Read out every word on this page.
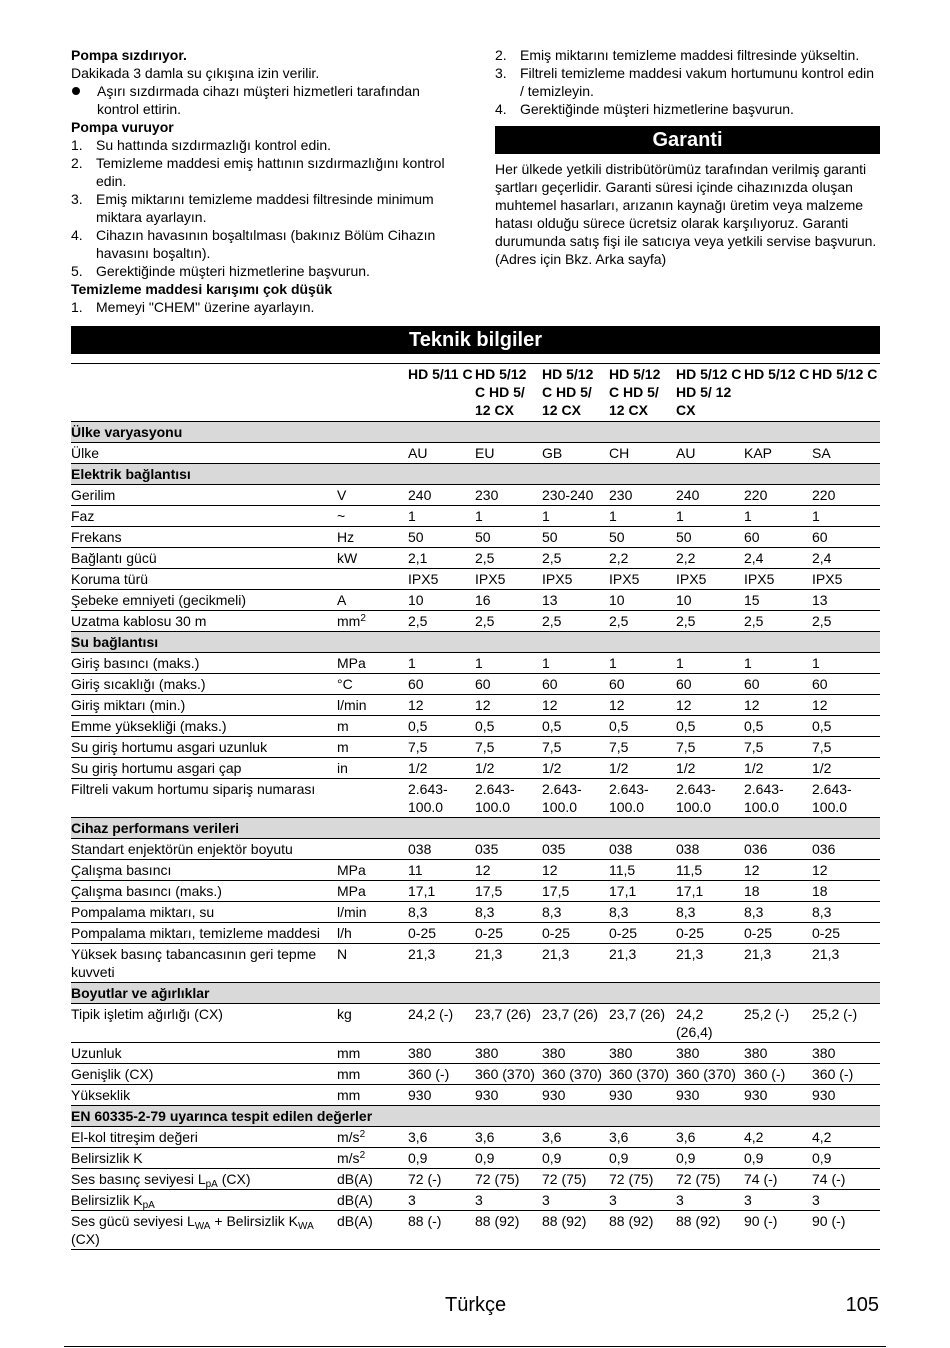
Pompa sızdırıyor.

Dakikada 3 damla su çıkışına izin verilir.

Aşırı sızdırmada cihazı müşteri hizmetleri tarafından kontrol ettirin.

Pompa vuruyor

1. Su hattında sızdırmazlığı kontrol edin.
2. Temizleme maddesi emiş hattının sızdırmazlığını kontrol edin.
3. Emiş miktarını temizleme maddesi filtresinde minimum miktara ayarlayın.
4. Cihazın havasının boşaltılması (bakınız Bölüm Cihazın havasını boşaltın).
5. Gerektiğinde müşteri hizmetlerine başvurun.

Temizleme maddesi karışımı çok düşük

1. Memeyi "CHEM" üzerine ayarlayın.
2. Emiş miktarını temizleme maddesi filtresinde yükseltin.
3. Filtreli temizleme maddesi vakum hortumunu kontrol edin / temizleyin.
4. Gerektiğinde müşteri hizmetlerine başvurun.
Garanti

Her ülkede yetkili distribütörümüz tarafından verilmiş garanti şartları geçerlidir. Garanti süresi içinde cihazınızda oluşan muhtemel hasarları, arızanın kaynağı üretim veya malzeme hatası olduğu sürece ücretsiz olarak karşılıyoruz. Garanti durumunda satış fişi ile satıcıya veya yetkili servise başvurun.

(Adres için Bkz. Arka sayfa)

Teknik bilgiler
		HD 5/11 C	HD 5/12 C HD 5/ 12 CX	HD 5/12 C HD 5/ 12 CX	HD 5/12 C HD 5/ 12 CX	HD 5/12 C HD 5/ 12 CX	HD 5/12 C	HD 5/12 C
Ülke varyasyonu								
Ülke		AU	EU	GB	CH	AU	KAP	SA
Elektrik bağlantısı								
Gerilim	V	240	230	230-240	230	240	220	220
Faz	~	1	1	1	1	1	1	1
Frekans	Hz	50	50	50	50	50	60	60
Bağlantı gücü	kW	2,1	2,5	2,5	2,2	2,2	2,4	2,4
Koruma türü		IPX5	IPX5	IPX5	IPX5	IPX5	IPX5	IPX5
Şebeke emniyeti (gecikmeli)	A	10	16	13	10	10	15	13
Uzatma kablosu 30 m	$mm^2$	2,5	2,5	2,5	2,5	2,5	2,5	2,5
Su bağlantısı								
Giriş basıncı (maks.)	MPa	1	1	1	1	1	1	1
Giriş sıcaklığı (maks.)	°C	60	60	60	60	60	60	60
Giriş miktarı (min.)	l/min	12	12	12	12	12	12	12
Emme yüksekliği (maks.)	m	0,5	0,5	0,5	0,5	0,5	0,5	0,5
Su giriş hortumu asgari uzunluk	m	7,5	7,5	7,5	7,5	7,5	7,5	7,5
Su giriş hortumu asgari çap	in	1/2	1/2	1/2	1/2	1/2	1/2	1/2
Filtreli vakum hortumu sipariş numarası		2.643-100.0	2.643-100.0	2.643-100.0	2.643-100.0	2.643-100.0	2.643-100.0	2.643-100.0
Cihaz performans verileri								
Standart enjektörün enjektör boyutu		038	035	035	038	038	036	036
Çalışma basıncı	MPa	11	12	12	11,5	11,5	12	12
Çalışma basıncı (maks.)	MPa	17,1	17,5	17,5	17,1	17,1	18	18
Pompalama miktarı, su	l/min	8,3	8,3	8,3	8,3	8,3	8,3	8,3
Pompalama miktarı, temizleme maddesi	l/h	0-25	0-25	0-25	0-25	0-25	0-25	0-25
Yüksek basınç tabancasının geri tepme kuvveti	N	21,3	21,3	21,3	21,3	21,3	21,3	21,3
Boyutlar ve ağırlıklar								
Tipik işletim ağırlığı (CX)	kg	24,2 (-)	23,7 (26)	23,7 (26)	23,7 (26)	24,2 (26,4)	25,2 (-)	25,2 (-)
Uzunluk	mm	380	380	380	380	380	380	380
Genişlik (CX)	mm	360 (-)	360 (370)	360 (370)	360 (370)	360 (370)	360 (-)	360 (-)
Yükseklik	mm	930	930	930	930	930	930	930
EN 60335-2-79 uyarınca tespit edilen değerler								
El-kol titreşim değeri	$m/s^2$	3,6	3,6	3,6	3,6	3,6	4,2	4,2
Belirsizlik K	$m/s^2$	0,9	0,9	0,9	0,9	0,9	0,9	0,9
Ses basınç seviyesi $L_{pA}$ (CX)	dB(A)	72 (-)	72 (75)	72 (75)	72 (75)	72 (75)	74 (-)	74 (-)
Belirsizlik $K_{pA}$	dB(A)	3	3	3	3	3	3	3
Ses gücü seviyesi $L_{WA}$ + Belirsizlik $K_{WA}$ (CX)	dB(A)	88 (-)	88 (92)	88 (92)	88 (92)	88 (92)	90 (-)	90 (-)
Türkçe	105
